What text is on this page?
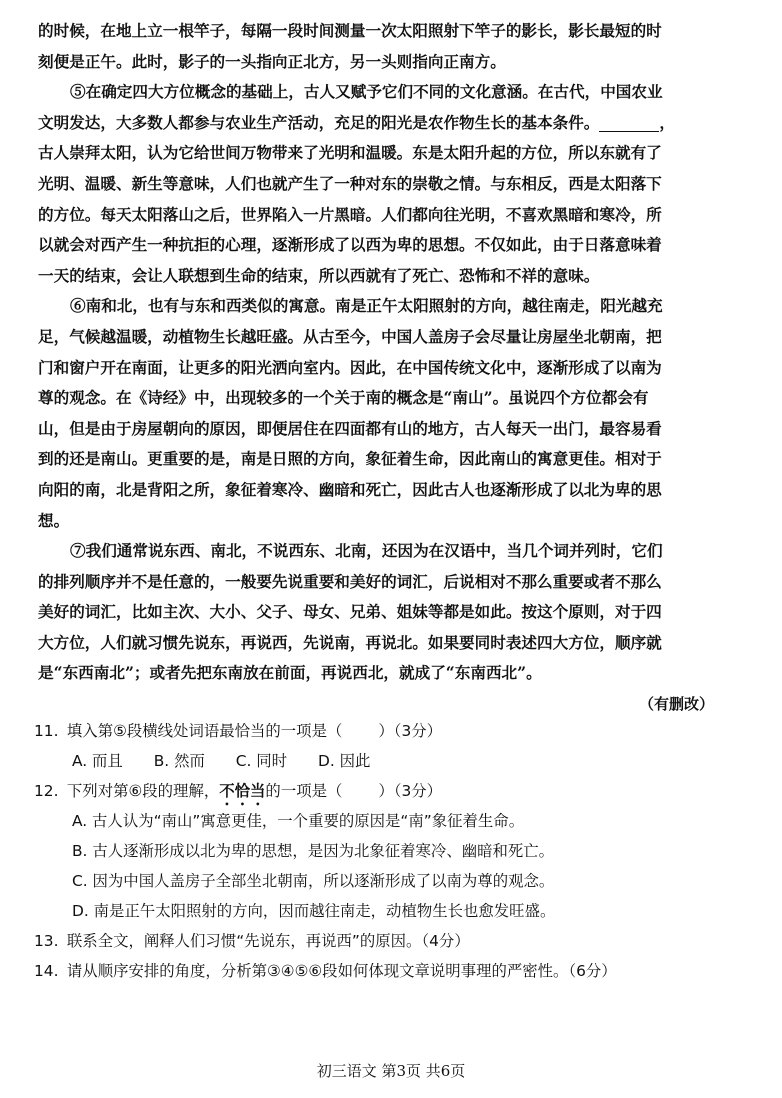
的时候，在地上立一根竿子，每隔一段时间测量一次太阳照射下竿子的影长，影长最短的时
刻便是正午。此时，影子的一头指向正北方，另一头则指向正南方。
⑤在确定四大方位概念的基础上，古人又赋予它们不同的文化意涵。在古代，中国农业
文明发达，大多数人都参与农业生产活动，充足的阳光是农作物生长的基本条件。	，
古人崇拜太阳，认为它给世间万物带来了光明和温暖。东是太阳升起的方位，所以东就有了
光明、温暖、新生等意味，人们也就产生了一种对东的崇敬之情。与东相反，西是太阳落下
的方位。每天太阳落山之后，世界陷入一片黑暗。人们都向往光明，不喜欢黑暗和寒冷，所
以就会对西产生一种抗拒的心理，逐渐形成了以西为卑的思想。不仅如此，由于日落意味着
一天的结束，会让人联想到生命的结束，所以西就有了死亡、恐怖和不祥的意味。
⑥南和北，也有与东和西类似的寓意。南是正午太阳照射的方向，越往南走，阳光越充
足，气候越温暖，动植物生长越旺盛。从古至今，中国人盖房子会尽量让房屋坐北朝南，把
门和窗户开在南面，让更多的阳光洒向室内。因此，在中国传统文化中，逐渐形成了以南为
尊的观念。在《诗经》中，出现较多的一个关于南的概念是“南山”。虽说四个方位都会有
山，但是由于房屋朝向的原因，即便居住在四面都有山的地方，古人每天一出门，最容易看
到的还是南山。更重要的是，南是日照的方向，象征着生命，因此南山的寓意更佳。相对于
向阳的南，北是背阳之所，象征着寒冷、幽暗和死亡，因此古人也逐渐形成了以北为卑的思
想。
⑦我们通常说东西、南北，不说西东、北南，还因为在汉语中，当几个词并列时，它们
的排列顺序并不是任意的，一般要先说重要和美好的词汇，后说相对不那么重要或者不那么
美好的词汇，比如主次、大小、父子、母女、兄弟、姐妹等都是如此。按这个原则，对于四
大方位，人们就习惯先说东，再说西，先说南，再说北。如果要同时表述四大方位，顺序就
是“东西南北”；或者先把东南放在前面，再说西北，就成了“东南西北”。
（有删改）
11. 填入第⑤段横线处词语最恰当的一项是（ ）（3分）
A. 而且 B. 然而 C. 同时 D. 因此
12. 下列对第⑥段的理解，不恰当的一项是（ ）（3分）
A. 古人认为“南山”寓意更佳，一个重要的原因是“南”象征着生命。
B. 古人逐渐形成以北为卑的思想，是因为北象征着寒冷、幽暗和死亡。
C. 因为中国人盖房子全部坐北朝南，所以逐渐形成了以南为尊的观念。
D. 南是正午太阳照射的方向，因而越往南走，动植物生长也愈发旺盛。
13. 联系全文，阐释人们习惯“先说东，再说西”的原因。（4分）
14. 请从顺序安排的角度，分析第③④⑤⑥段如何体现文章说明事理的严密性。（6分）
初三语文 第3页 共6页
